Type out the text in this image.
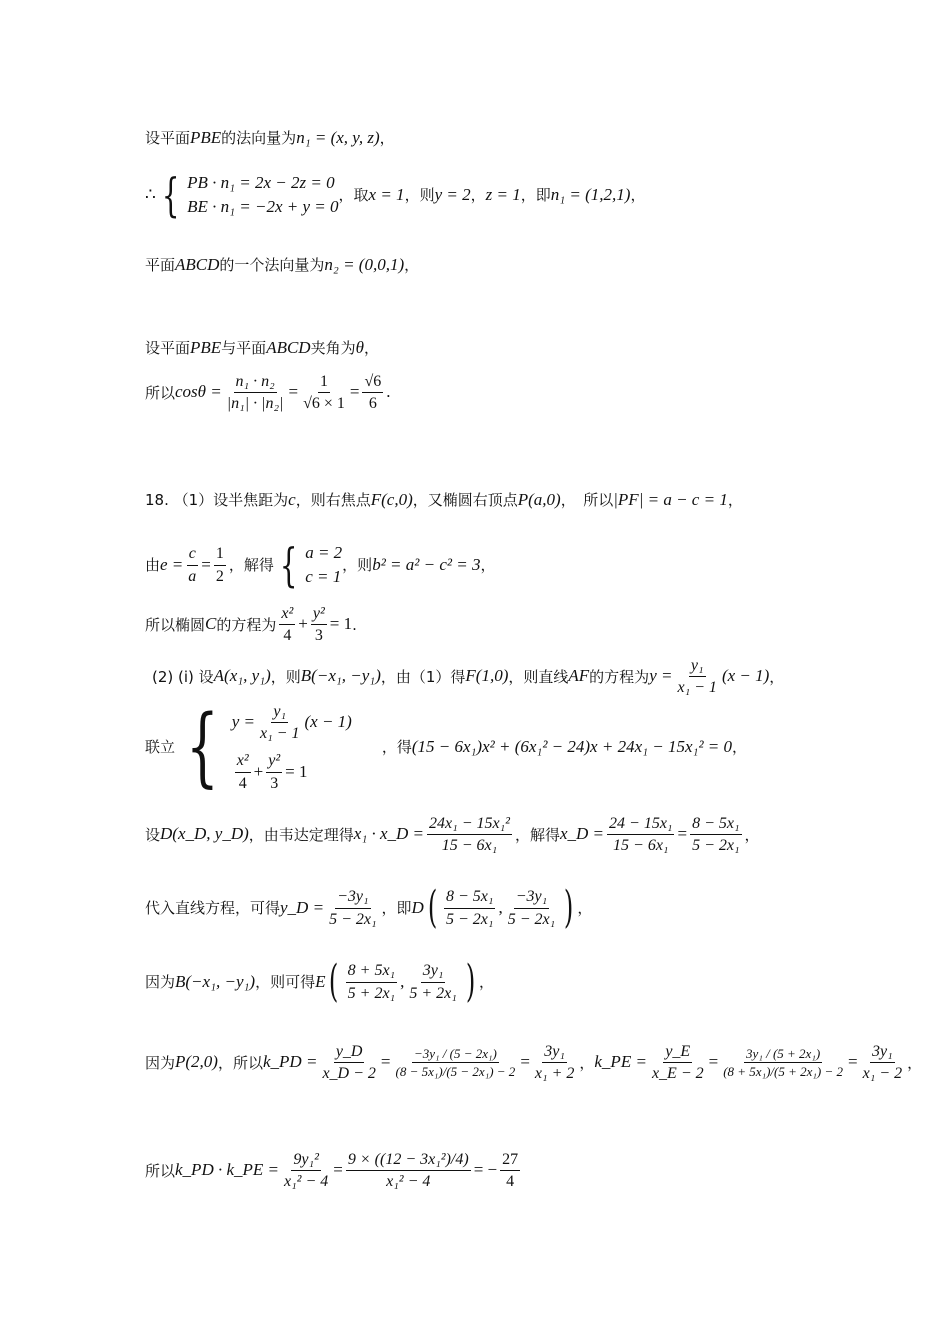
设平面 PBE 的法向量为 n₁ = (x, y, z) ，
∴ { PB · n₁ = 2x − 2z = 0
BE · n₁ = −2x + y = 0
，取 x = 1 ，则 y = 2 ， z = 1 ，即 n₁ = (1,2,1) ，
平面 ABCD 的一个法向量为 n₂ = (0,0,1) ，
设平面 PBE 与平面 ABCD 夹角为 θ ，
所以 $\cos\theta = \frac{\text{n₁ · n₂}}{\text{|n₁| · |n₂|}} = \frac{1}{√6 \times 1} = \frac{√6}{6}$ .
18. （1）设半焦距为 c ，则右焦点 F(c,0) ，又椭圆右顶点 P(a,0) ，　所以 |PF| = a − c = 1 ，
由 $e = \frac{c}{a} = \frac{1}{2}$ ，解得 { a = 2
c = 1
，则 b² = a² − c² = 3 ，
所以椭圆 C 的方程为 $\frac{\text{x²}}{4} + \frac{\text{y²}}{3} = 1$ .
(2) (i) 设 A(x₁, y₁) ，则 B(−x₁, −y₁) ，由（1）得 F(1,0) ，则直线 AF 的方程为 $y = \frac{\text{y₁}}{\text{x₁ − 1}} (x - 1)$ ，
联立 { $y = \frac{\text{y₁}}{\text{x₁ − 1}} (x - 1)$
$\frac{\text{x²}}{4} + \frac{\text{y²}}{3} = 1$
，得 (15 − 6x₁)x² + (6x₁² − 24)x + 24x₁ − 15x₁² = 0 ，
设 D(x_D, y_D) ，由韦达定理得 x₁ · x_D = $\frac{\text{24x₁ − 15x₁²}}{\text{15 − 6x₁}}$ ，解得 x_D = $\frac{\text{24 − 15x₁}}{\text{15 − 6x₁}} = \frac{\text{8 − 5x₁}}{\text{5 − 2x₁}}$ ，
代入直线方程，可得 y_D = $\frac{\text{−3y₁}}{\text{5 − 2x₁}}$ ，即 D ( $\frac{\text{8 − 5x₁}}{\text{5 − 2x₁}}$ , $\frac{\text{−3y₁}}{\text{5 − 2x₁}}$ ) ，
因为 B(−x₁, −y₁) ，则可得 E ( $\frac{\text{8 + 5x₁}}{\text{5 + 2x₁}}$ , $\frac{\text{3y₁}}{\text{5 + 2x₁}}$ ) ，
因为 P(2,0) ，所以 k_PD = $\frac{y\_D}{x\_D - 2} = \frac{\text{−3y₁ / (5 − 2x₁)}}{\text{(8 − 5x₁)/(5 − 2x₁) − 2}} = \frac{\text{3y₁}}{\text{x₁ + 2}}$ ， k_PE = $\frac{y\_E}{x\_E - 2} = \frac{\text{3y₁ / (5 + 2x₁)}}{\text{(8 + 5x₁)/(5 + 2x₁) − 2}} = \frac{\text{3y₁}}{\text{x₁ − 2}}$ ，
所以 k_PD · k_PE = $\frac{\text{9y₁²}}{\text{x₁² − 4}} = \frac{\text{9 × ((12 − 3x₁²)/4)}}{\text{x₁² − 4}}$ = − $\frac{27}{4}$
